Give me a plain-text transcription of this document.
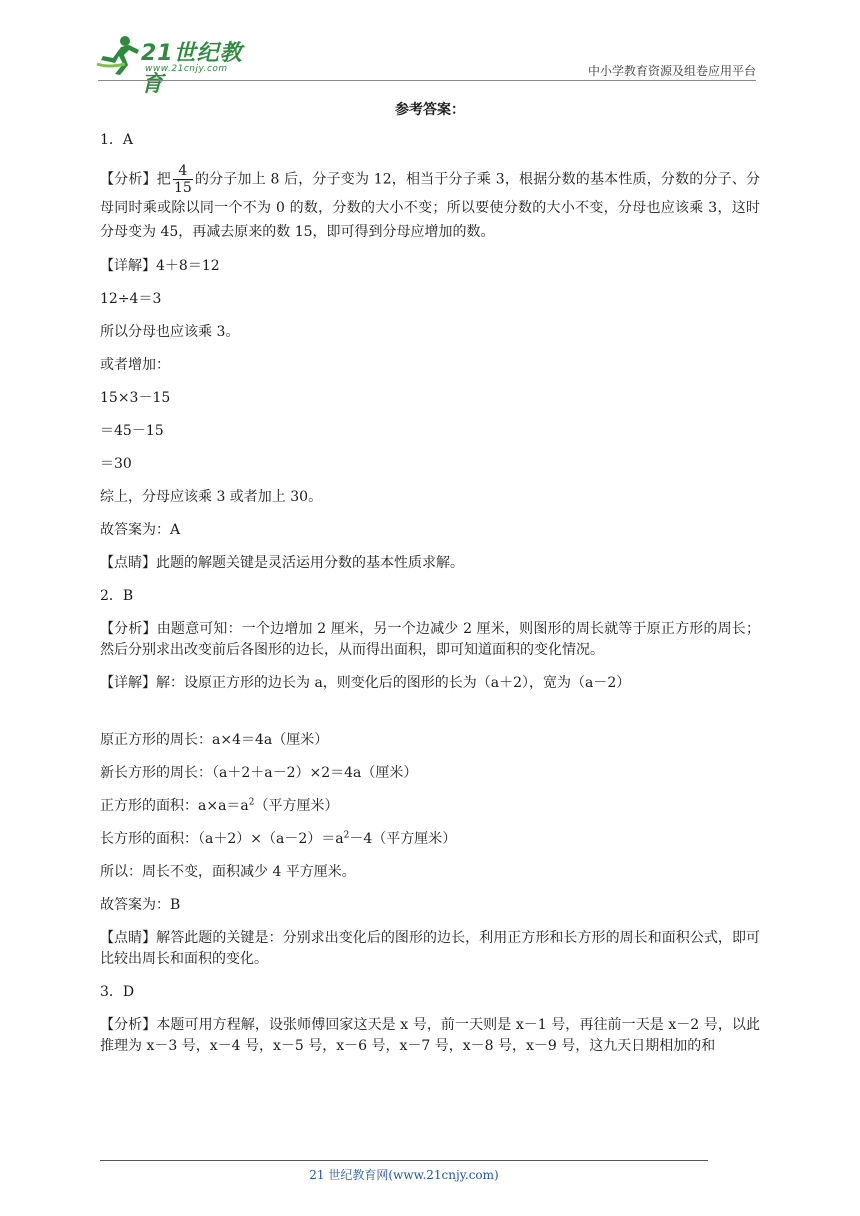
21世纪教育
www.21cnjy.com	中小学教育资源及组卷应用平台
参考答案：
1．A
【分析】把 $\frac{4}{15}$ 的分子加上 8 后，分子变为 12，相当于分子乘 3，根据分数的基本性质，分数的分子、分母同时乘或除以同一个不为 0 的数，分数的大小不变；所以要使分数的大小不变，分母也应该乘 3，这时分母变为 45，再减去原来的数 15，即可得到分母应增加的数。
【详解】4＋8＝12
12÷4＝3
所以分母也应该乘 3。
或者增加：
15×3－15
＝45－15
＝30
综上，分母应该乘 3 或者加上 30。
故答案为：A
【点睛】此题的解题关键是灵活运用分数的基本性质求解。
2．B
【分析】由题意可知：一个边增加 2 厘米，另一个边减少 2 厘米，则图形的周长就等于原正方形的周长；然后分别求出改变前后各图形的边长，从而得出面积，即可知道面积的变化情况。
【详解】解：设原正方形的边长为 a，则变化后的图形的长为（a＋2），宽为（a－2）
原正方形的周长：a×4＝4a（厘米）
新长方形的周长：（a＋2＋a－2）×2＝4a（厘米）
正方形的面积：$a\times a=a^2$（平方厘米）
长方形的面积：$(a+2)\times(a-2)=a^2-4$（平方厘米）
所以：周长不变，面积减少 4 平方厘米。
故答案为：B
【点睛】解答此题的关键是：分别求出变化后的图形的边长，利用正方形和长方形的周长和面积公式，即可比较出周长和面积的变化。
3．D
【分析】本题可用方程解，设张师傅回家这天是 x 号，前一天则是 x－1 号，再往前一天是 x－2 号，以此推理为 x－3 号，x－4 号，x－5 号，x－6 号，x－7 号，x－8 号，x－9 号，这九天日期相加的和
21 世纪教育网(www.21cnjy.com)
